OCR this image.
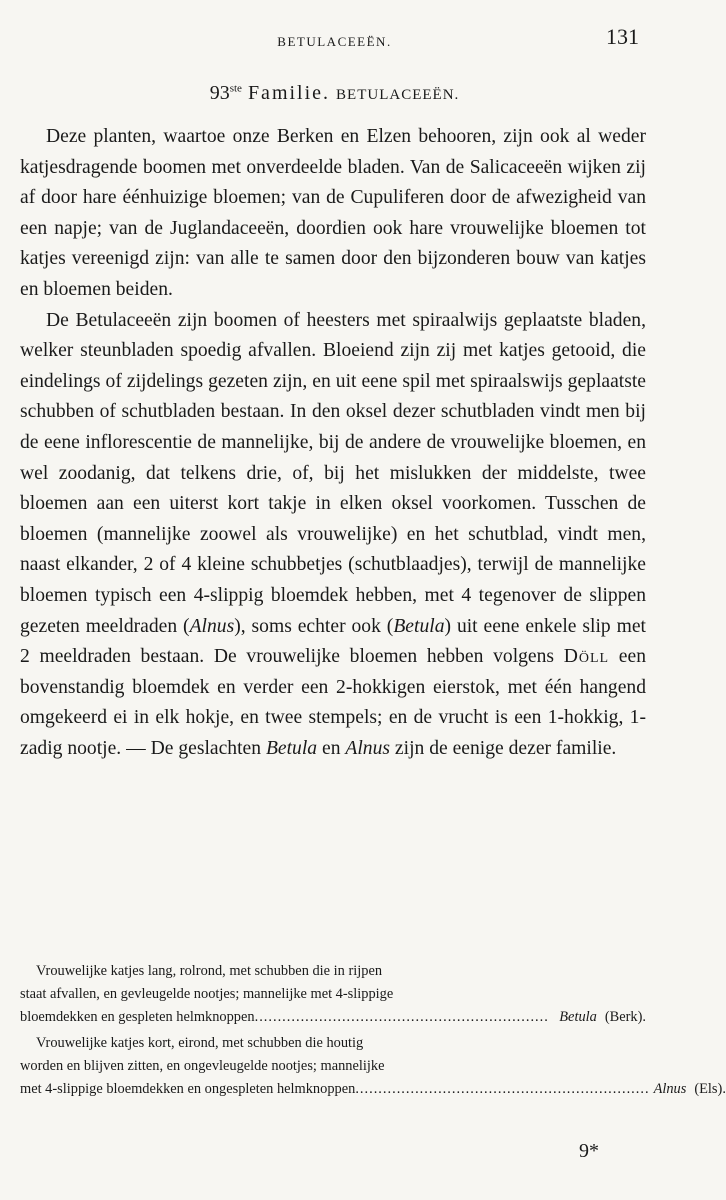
BETULACEEËN.	131
93ste Familie. BETULACEEËN.

Deze planten, waartoe onze Berken en Elzen behooren, zijn ook al weder katjesdragende boomen met onverdeelde bladen. Van de Salicaceeën wijken zij af door hare éénhuizige bloemen; van de Cupuliferen door de afwezigheid van een napje; van de Juglandaceeën, doordien ook hare vrouwelijke bloemen tot katjes vereenigd zijn: van alle te samen door den bijzonderen bouw van katjes en bloemen beiden.

De Betulaceeën zijn boomen of heesters met spiraalwijs geplaatste bladen, welker steunbladen spoedig afvallen. Bloeiend zijn zij met katjes getooid, die eindelings of zijdelings gezeten zijn, en uit eene spil met spiraalswijs geplaatste schubben of schutbladen bestaan. In den oksel dezer schutbladen vindt men bij de eene inflorescentie de mannelijke, bij de andere de vrouwelijke bloemen, en wel zoodanig, dat telkens drie, of, bij het mislukken der middelste, twee bloemen aan een uiterst kort takje in elken oksel voorkomen. Tusschen de bloemen (mannelijke zoowel als vrouwelijke) en het schutblad, vindt men, naast elkander, 2 of 4 kleine schubbetjes (schutblaadjes), terwijl de mannelijke bloemen typisch een 4-slippig bloemdek hebben, met 4 tegenover de slippen gezeten meeldraden (Alnus), soms echter ook (Betula) uit eene enkele slip met 2 meeldraden bestaan. De vrouwelijke bloemen hebben volgens Döll een bovenstandig bloemdek en verder een 2-hokkigen eierstok, met één hangend omgekeerd ei in elk hokje, en twee stempels; en de vrucht is een 1-hokkig, 1-zadig nootje. — De geslachten Betula en Alnus zijn de eenige dezer familie.

Vrouwelijke katjes lang, rolrond, met schubben die in rijpen
staat afvallen, en gevleugelde nootjes; mannelijke met 4-slippige
bloemdekken en gespleten helmknoppen ................................................................ Betula (Berk).
Vrouwelijke katjes kort, eirond, met schubben die houtig
worden en blijven zitten, en ongevleugelde nootjes; mannelijke
met 4-slippige bloemdekken en ongespleten helmknoppen ................................................................ Alnus (Els).
9*
